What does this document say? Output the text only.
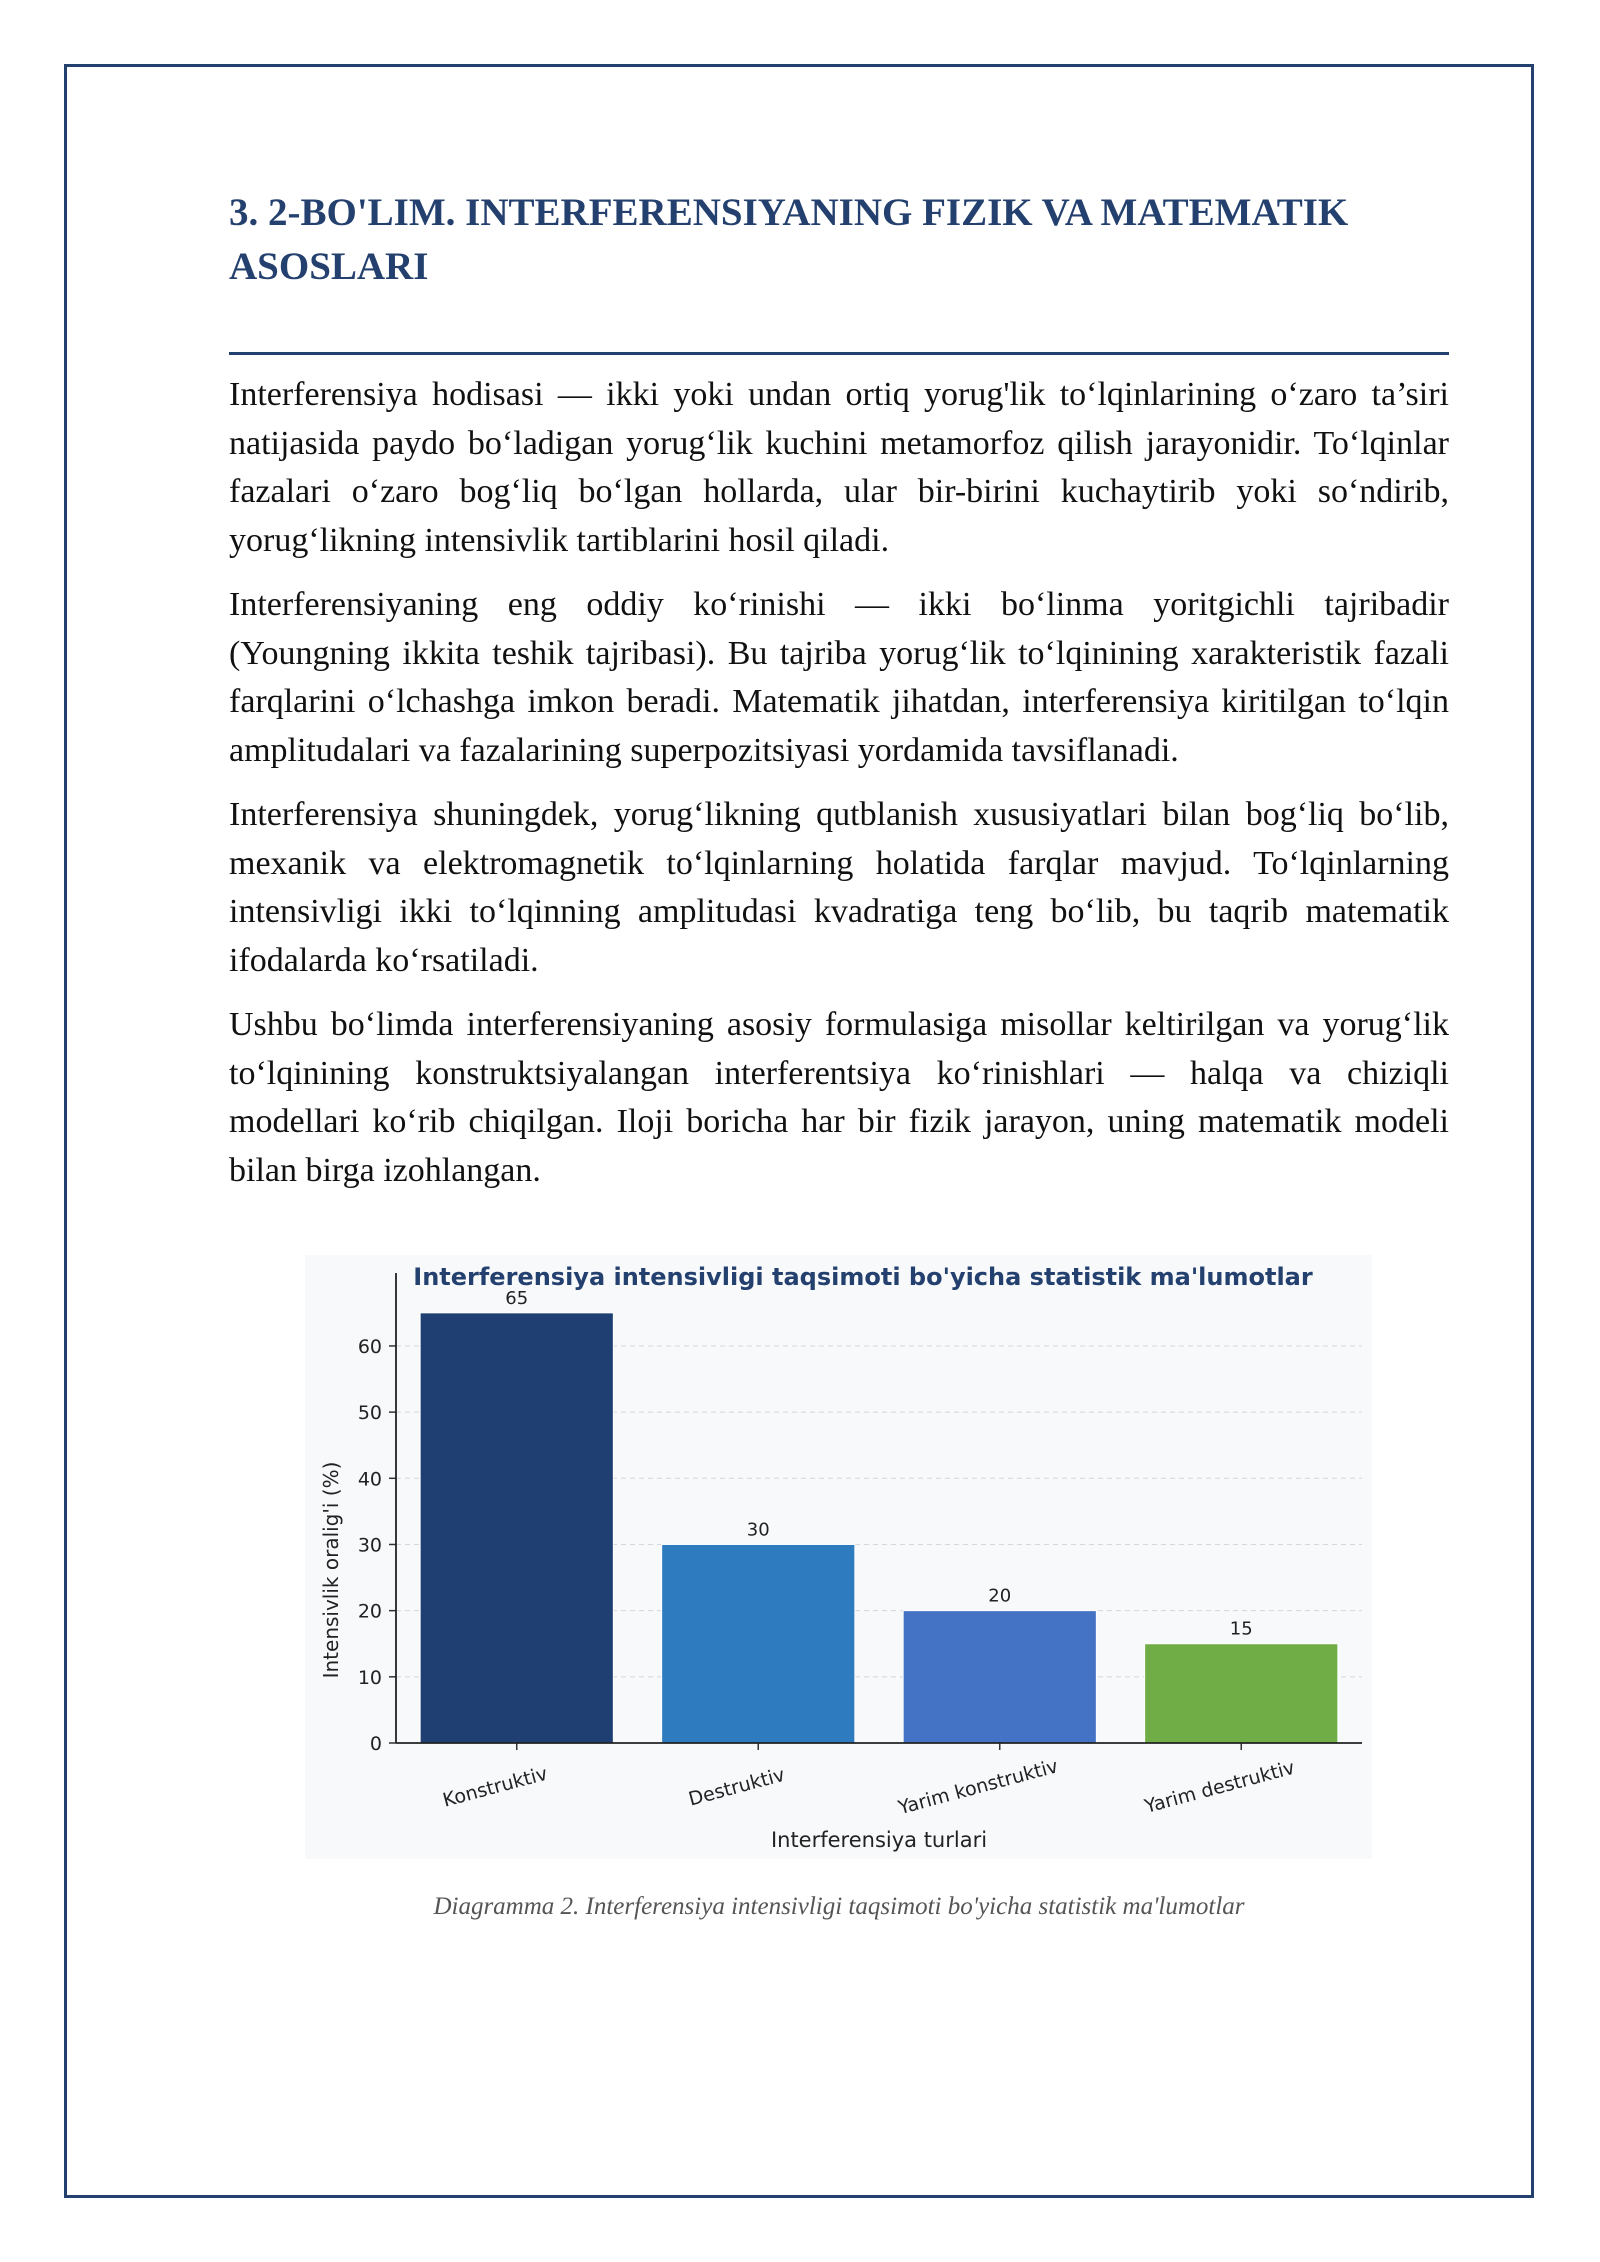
3. 2-BO'LIM. INTERFERENSIYANING FIZIK VA MATEMATIK
ASOSLARI

Interferensiya hodisasi — ikki yoki undan ortiq yorug'lik to‘lqinlarining o‘zaro ta’siri natijasida paydo bo‘ladigan yorug‘lik kuchini metamorfoz qilish jarayonidir. To‘lqinlar fazalari o‘zaro bog‘liq bo‘lgan hollarda, ular bir-birini kuchaytirib yoki so‘ndirib, yorug‘likning intensivlik tartiblarini hosil qiladi.

Interferensiyaning eng oddiy ko‘rinishi — ikki bo‘linma yoritgichli tajribadir (Youngning ikkita teshik tajribasi). Bu tajriba yorug‘lik to‘lqinining xarakteristik fazali farqlarini o‘lchashga imkon beradi. Matematik jihatdan, interferensiya kiritilgan to‘lqin amplitudalari va fazalarining superpozitsiyasi yordamida tavsiflanadi.

Interferensiya shuningdek, yorug‘likning qutblanish xususiyatlari bilan bog‘liq bo‘lib, mexanik va elektromagnetik to‘lqinlarning holatida farqlar mavjud. To‘lqinlarning intensivligi ikki to‘lqinning amplitudasi kvadratiga teng bo‘lib, bu taqrib matematik ifodalarda ko‘rsatiladi.

Ushbu bo‘limda interferensiyaning asosiy formulasiga misollar keltirilgan va yorug‘lik to‘lqinining konstruktsiyalangan interferentsiya ko‘rinishlari — halqa va chiziqli modellari ko‘rib chiqilgan. Iloji boricha har bir fizik jarayon, uning matematik modeli bilan birga izohlangan.

Interferensiya intensivligi taqsimoti bo'yicha statistik ma'lumotlar
65
30
20
15
0
10
20
30
40
50
60
Konstruktiv	Destruktiv	Yarim konstruktiv	Yarim destruktiv
Interferensiya turlari
Intensivlik oralig'i (%)
Diagramma 2. Interferensiya intensivligi taqsimoti bo'yicha statistik ma'lumotlar
